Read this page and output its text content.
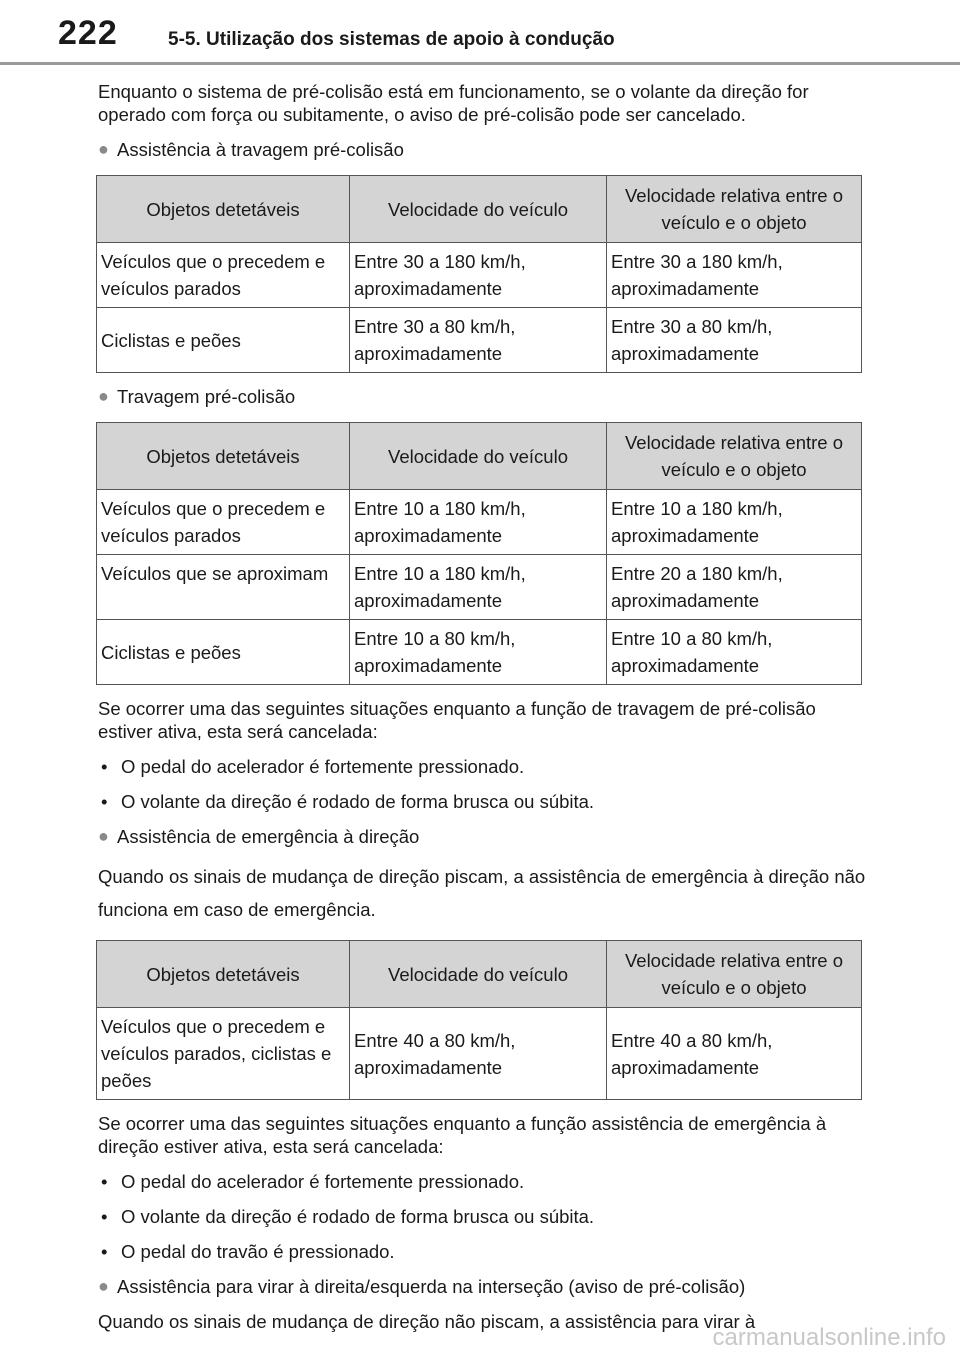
222	5-5. Utilização dos sistemas de apoio à condução

Enquanto o sistema de pré-colisão está em funcionamento, se o volante da direção for operado com força ou subitamente, o aviso de pré-colisão pode ser cancelado.

● Assistência à travagem pré-colisão
Objetos detetáveis	Velocidade do veículo	Velocidade relativa entre o veículo e o objeto
Veículos que o precedem e veículos parados	Entre 30 a 180 km/h, aproximadamente	Entre 30 a 180 km/h, aproximadamente
Ciclistas e peões	Entre 30 a 80 km/h, aproximadamente	Entre 30 a 80 km/h, aproximadamente
● Travagem pré-colisão
Objetos detetáveis	Velocidade do veículo	Velocidade relativa entre o veículo e o objeto
Veículos que o precedem e veículos parados	Entre 10 a 180 km/h, aproximadamente	Entre 10 a 180 km/h, aproximadamente
Veículos que se aproximam	Entre 10 a 180 km/h, aproximadamente	Entre 20 a 180 km/h, aproximadamente
Ciclistas e peões	Entre 10 a 80 km/h, aproximadamente	Entre 10 a 80 km/h, aproximadamente

Se ocorrer uma das seguintes situações enquanto a função de travagem de pré-colisão estiver ativa, esta será cancelada:

• O pedal do acelerador é fortemente pressionado.
• O volante da direção é rodado de forma brusca ou súbita.
● Assistência de emergência à direção

Quando os sinais de mudança de direção piscam, a assistência de emergência à direção não funciona em caso de emergência.

Objetos detetáveis	Velocidade do veículo	Velocidade relativa entre o veículo e o objeto
Veículos que o precedem e veículos parados, ciclistas e peões	Entre 40 a 80 km/h, aproximadamente	Entre 40 a 80 km/h, aproximadamente

Se ocorrer uma das seguintes situações enquanto a função assistência de emergência à direção estiver ativa, esta será cancelada:

• O pedal do acelerador é fortemente pressionado.
• O volante da direção é rodado de forma brusca ou súbita.
• O pedal do travão é pressionado.
● Assistência para virar à direita/esquerda na interseção (aviso de pré-colisão)

Quando os sinais de mudança de direção não piscam, a assistência para virar à

carmanualsonline.info
